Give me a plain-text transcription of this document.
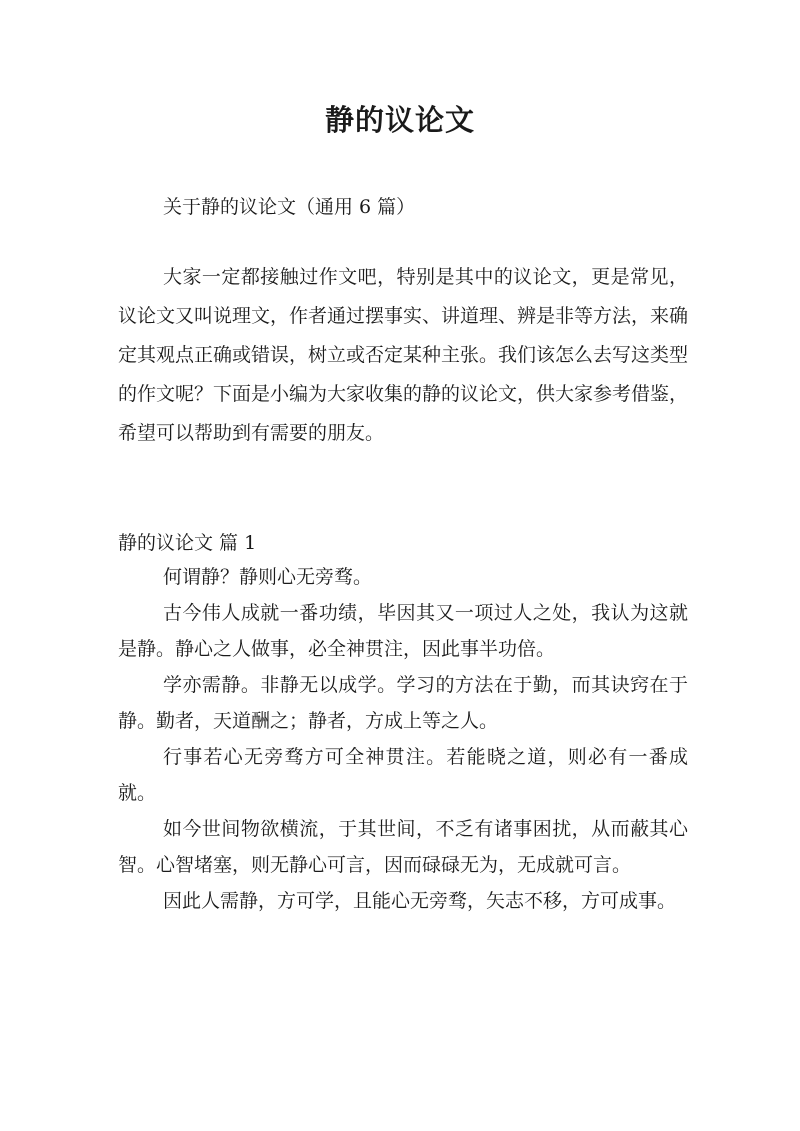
静的议论文
关于静的议论文（通用 6 篇）
大家一定都接触过作文吧，特别是其中的议论文，更是常见，议论文又叫说理文，作者通过摆事实、讲道理、辨是非等方法，来确定其观点正确或错误，树立或否定某种主张。我们该怎么去写这类型的作文呢？下面是小编为大家收集的静的议论文，供大家参考借鉴，希望可以帮助到有需要的朋友。

静的议论文 篇 1

何谓静？静则心无旁骛。

古今伟人成就一番功绩，毕因其又一项过人之处，我认为这就是静。静心之人做事，必全神贯注，因此事半功倍。

学亦需静。非静无以成学。学习的方法在于勤，而其诀窍在于静。勤者，天道酬之；静者，方成上等之人。

行事若心无旁骛方可全神贯注。若能晓之道，则必有一番成就。

如今世间物欲横流，于其世间，不乏有诸事困扰，从而蔽其心智。心智堵塞，则无静心可言，因而碌碌无为，无成就可言。

因此人需静，方可学，且能心无旁骛，矢志不移，方可成事。
